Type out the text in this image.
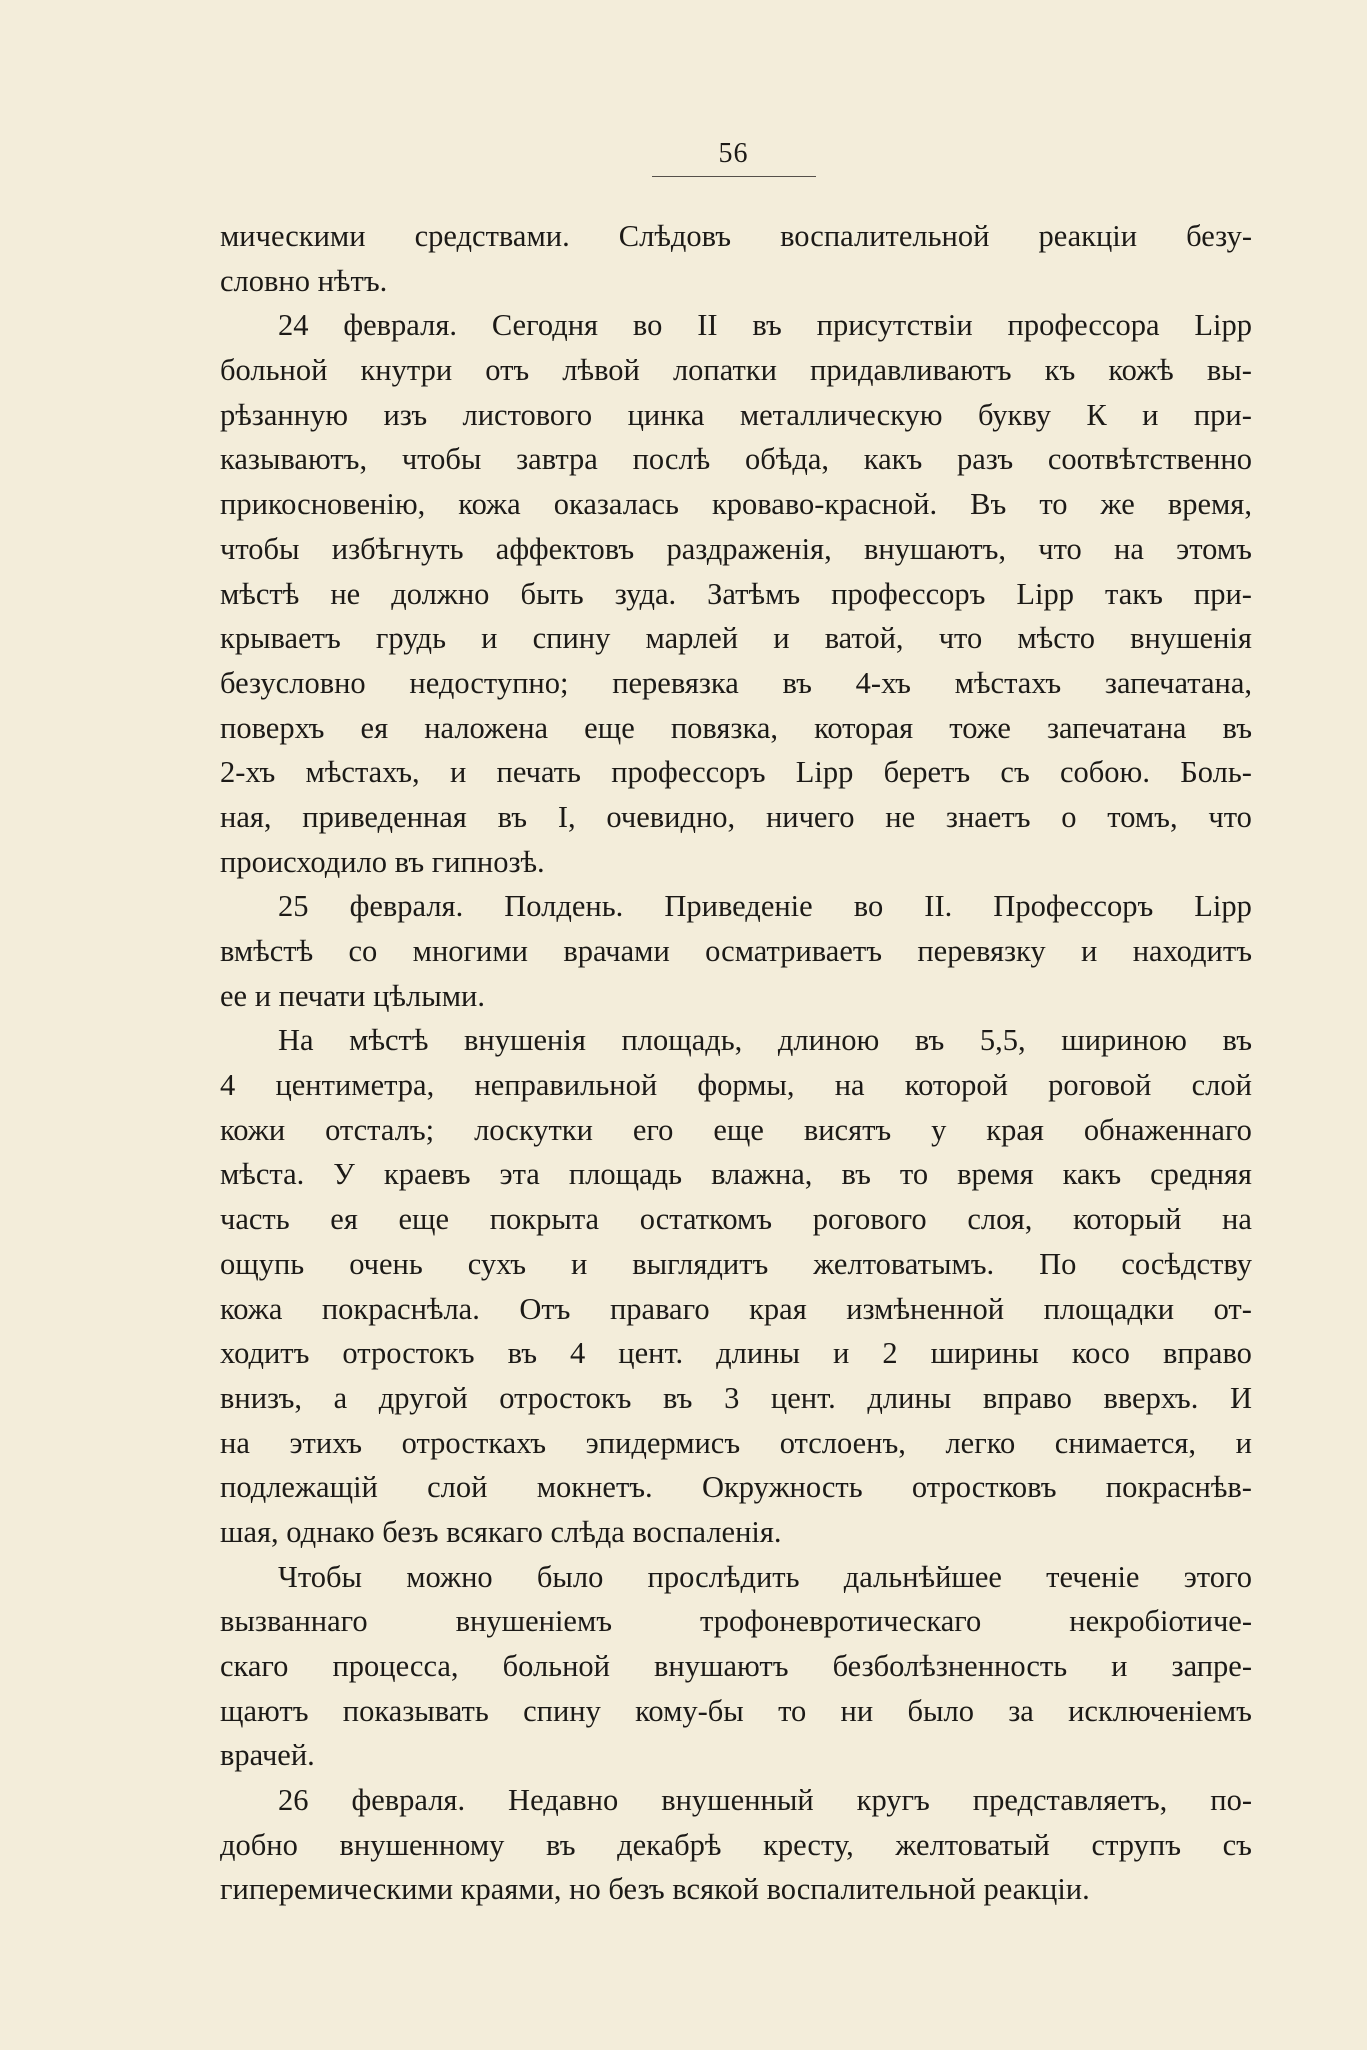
56
мическими средствами. Слѣдовъ воспалительной реакціи безу-
словно нѣтъ.
24 февраля. Сегодня во II въ присутствіи профессора Lipp
больной кнутри отъ лѣвой лопатки придавливаютъ къ кожѣ вы-
рѣзанную изъ листового цинка металлическую букву К и при-
казываютъ, чтобы завтра послѣ обѣда, какъ разъ соотвѣтственно
прикосновенію, кожа оказалась кроваво-красной. Въ то же время,
чтобы избѣгнуть аффектовъ раздраженія, внушаютъ, что на этомъ
мѣстѣ не должно быть зуда. Затѣмъ профессоръ Lipp такъ при-
крываетъ грудь и спину марлей и ватой, что мѣсто внушенія
безусловно недоступно; перевязка въ 4-хъ мѣстахъ запечатана,
поверхъ ея наложена еще повязка, которая тоже запечатана въ
2-хъ мѣстахъ, и печать профессоръ Lipp беретъ съ собою. Боль-
ная, приведенная въ I, очевидно, ничего не знаетъ о томъ, что
происходило въ гипнозѣ.
25 февраля. Полдень. Приведеніе во II. Профессоръ Lipp
вмѣстѣ со многими врачами осматриваетъ перевязку и находитъ
ее и печати цѣлыми.
На мѣстѣ внушенія площадь, длиною въ 5,5, шириною въ
4 центиметра, неправильной формы, на которой роговой слой
кожи отсталъ; лоскутки его еще висятъ у края обнаженнаго
мѣста. У краевъ эта площадь влажна, въ то время какъ средняя
часть ея еще покрыта остаткомъ рогового слоя, который на
ощупь очень сухъ и выглядитъ желтоватымъ. По сосѣдству
кожа покраснѣла. Отъ праваго края измѣненной площадки от-
ходитъ отростокъ въ 4 цент. длины и 2 ширины косо вправо
внизъ, а другой отростокъ въ 3 цент. длины вправо вверхъ. И
на этихъ отросткахъ эпидермисъ отслоенъ, легко снимается, и
подлежащій слой мокнетъ. Окружность отростковъ покраснѣв-
шая, однако безъ всякаго слѣда воспаленія.
Чтобы можно было прослѣдить дальнѣйшее теченіе этого
вызваннаго	внушеніемъ	трофоневротическаго	некробіотиче-
скаго процесса, больной внушаютъ безболѣзненность и запре-
щаютъ показывать спину кому-бы то ни было за исключеніемъ
врачей.
26 февраля. Недавно внушенный кругъ представляетъ, по-
добно внушенному въ декабрѣ кресту, желтоватый струпъ съ
гиперемическими краями, но безъ всякой воспалительной реакціи.
